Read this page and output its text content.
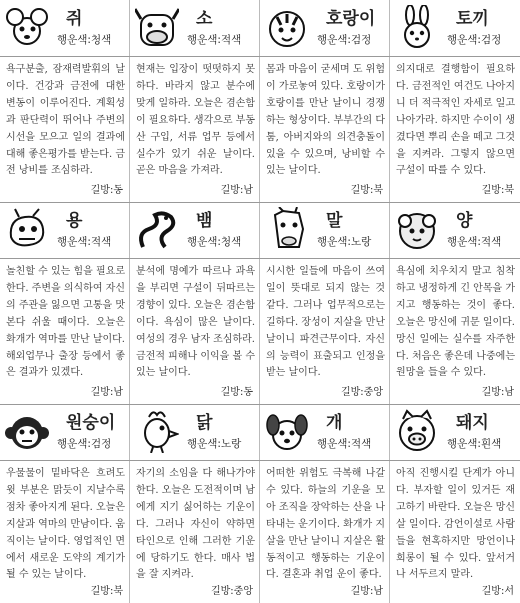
쥐
행운색:청색
욕구분출, 잠재력발휘의 날이다. 건강과 금전에 대한 변동이 이루어진다. 계획성과 판단력이 뛰어나 주변의 시선을 모으고 일의 결과에 대해 좋은평가를 받는다. 금전 낭비를 조심하라.
길방:동
소
행운색:적색
현재는 입장이 떳떳하지 못하다. 바라지 않고 분수에 맞게 일하라. 오늘은 겸손함이 필요하다. 생각으로 부동산 구입, 서류 업무 등에서 실수가 있기 쉬운 날이다. 곧은 마음을 가져라.
길방:남
호랑이
행운색:검정
몸과 마음이 굳세며 도 위험이 가로놓여 있다. 호랑이가 호랑이를 만난 날이니 경쟁하는 형상이다. 부부간의 다툼, 아버지와의 의견충돌이 있을 수 있으며, 낭비할 수 있는 날이다.
길방:북
토끼
행운색:검정
의지대로 결행함이 필요하다. 금전적인 여건도 나아지니 더 적극적인 자세로 일고 나아가라. 하지만 수이이 생겼다면 뿌리 손을 떼고 그것을 지켜라. 그렇지 않으면 구설이 따를 수 있다.
길방:북
용
행운색:적색
놀친할 수 있는 힘을 필요로 한다. 주변을 의식하여 자신의 주관을 잃으면 고통을 맛본다 쉬울 때이다. 오늘은 화개가 역마를 만난 날이다. 해외업무나 출장 등에서 좋은 결과가 있겠다.
길방:남
뱀
행운색:청색
분석에 명예가 따르나 과욕을 부리면 구설이 뒤따르는 경향이 있다. 오늘은 겸손함이다. 욕심이 많은 날이다. 여성의 경우 남자 조심하라. 금전적 피해나 이익을 볼 수 있는 날이다.
길방:동
말
행운색:노랑
시시한 일들에 마음이 쓰여 일이 뜻대로 되지 않는 것 같다. 그러나 업무적으로는 길하다. 장성이 지살을 만난 날이니 파견근무이다. 자신의 능력이 표출되고 인정을 받는 날이다.
길방:중앙
양
행운색:적색
욕심에 치우치지 말고 침착하고 냉정하게 긴 안목을 가지고 행동하는 것이 좋다. 오늘은 망신에 귀문 일이다. 망신 일에는 실수를 자주한다. 처음은 좋은데 나중에는 원망을 들을 수 있다.
길방:남
원숭이
행운색:검정
우물물이 밑바닥은 흐려도 윗 부분은 맑듯이 지날수록 점차 좋아지게 된다. 오늘은 지살과 역마의 만남이다. 움직이는 날이다. 영업적인 면에서 새로운 도약의 계기가 될 수 있는 날이다.
길방:북
닭
행운색:노랑
자기의 소임을 다 해나가야 한다. 오늘은 도전적이며 남에게 지기 싫어하는 기운이다. 그러나 자신이 약하면 타인으로 인해 그러한 기운에 당하기도 한다. 매사 법을 잘 지켜라.
길방:중앙
개
행운색:적색
어떠한 위험도 극복해 나갈 수 있다. 하늘의 기운을 모아 조직을 장악하는 산을 나타내는 운기이다. 화개가 지살을 만난 날이니 지살은 활동적이고 행동하는 기운이다. 결혼과 취업 운이 좋다.
길방:남
돼지
행운색:흰색
아직 진행시킬 단계가 아니다. 부자할 일이 있거든 재고하기 바란다. 오늘은 망신살 일이다. 감언이설로 사람들을 현혹하지만 망언이나 희롱이 될 수 있다. 앞서거나 서두르지 말라.
길방:서
